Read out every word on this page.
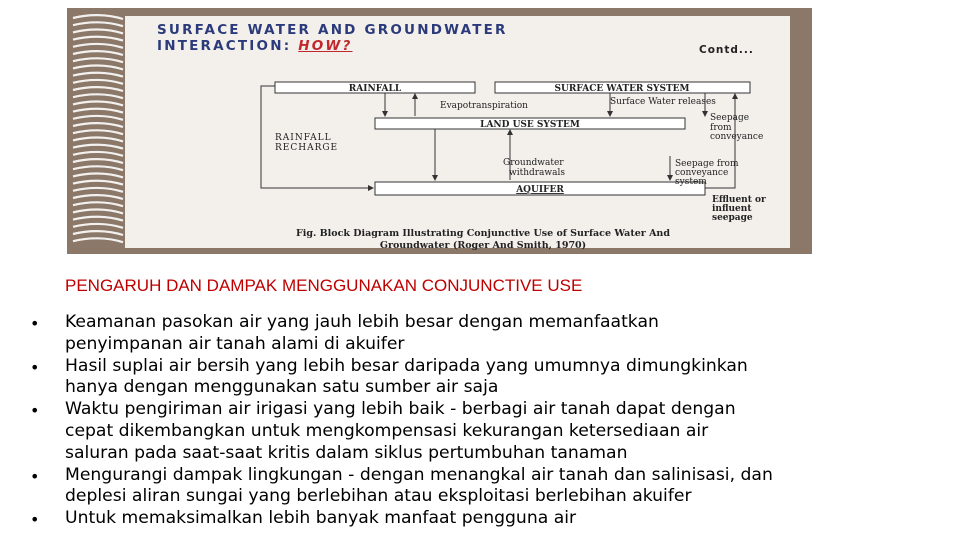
SURFACE WATER AND GROUNDWATER
INTERACTION: HOW?	Contd...
RAINFALL	SURFACE WATER SYSTEM
LAND USE SYSTEM
AQUIFER
Evapotranspiration	Surface Water releases
RAINFALL
RECHARGE
Seepage
from
conveyance
Groundwater
withdrawals
Seepage from
conveyance
system
Effluent or
influent
seepage
Fig. Block Diagram Illustrating Conjunctive Use of Surface Water And
Groundwater (Roger And Smith, 1970)
PENGARUH DAN DAMPAK MENGGUNAKAN CONJUNCTIVE USE
• Keamanan pasokan air yang jauh lebih besar dengan memanfaatkan
penyimpanan air tanah alami di akuifer
• Hasil suplai air bersih yang lebih besar daripada yang umumnya dimungkinkan
hanya dengan menggunakan satu sumber air saja
• Waktu pengiriman air irigasi yang lebih baik - berbagi air tanah dapat dengan
cepat dikembangkan untuk mengkompensasi kekurangan ketersediaan air
saluran pada saat-saat kritis dalam siklus pertumbuhan tanaman
• Mengurangi dampak lingkungan - dengan menangkal air tanah dan salinisasi, dan
deplesi aliran sungai yang berlebihan atau eksploitasi berlebihan akuifer
• Untuk memaksimalkan lebih banyak manfaat pengguna air
